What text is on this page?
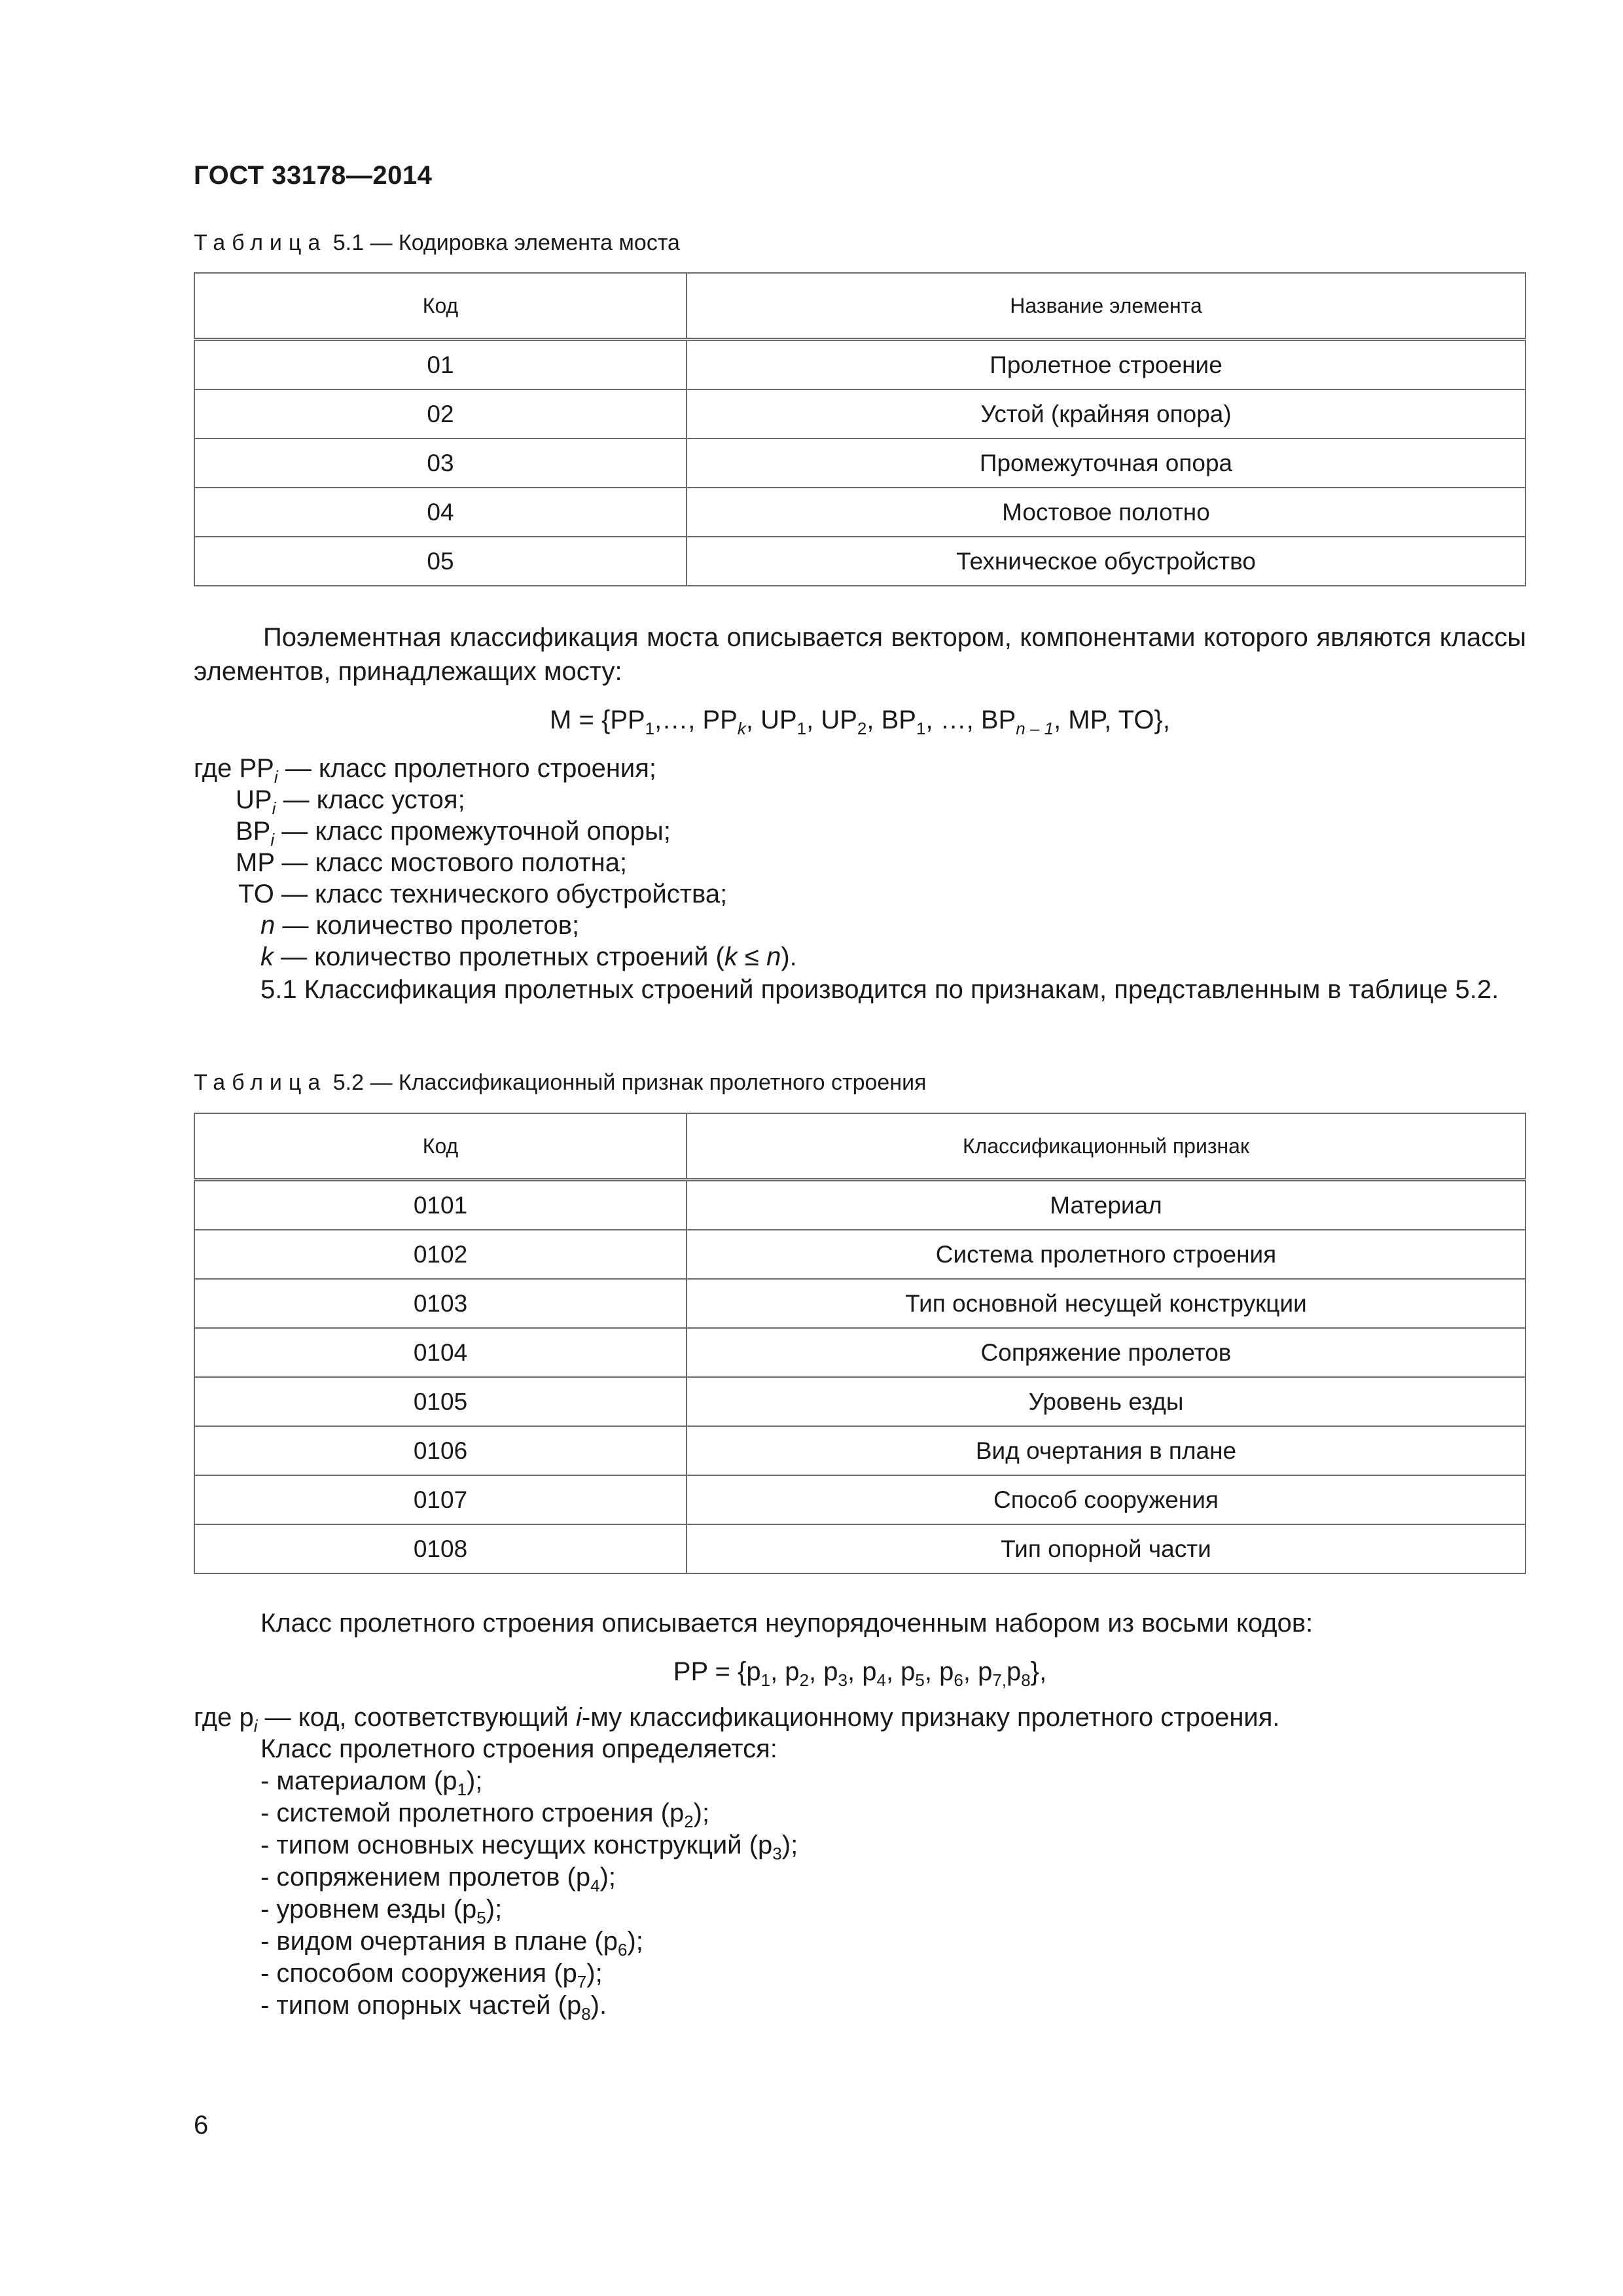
ГОСТ 33178—2014
Таблица 5.1 — Кодировка элемента моста
Код	Название элемента
01	Пролетное строение
02	Устой (крайняя опора)
03	Промежуточная опора
04	Мостовое полотно
05	Техническое обустройство

Поэлементная классификация моста описывается вектором, компонентами которого являются классы элементов, принадлежащих мосту:

$M = \{PP_1,\dots$, $PP_k$, $UP_1$, $UP_2$, $BP_1$, …, $BP_{n - 1}$, MP, TO},
где $PP_i$ — класс пролетного строения;
$UP_i$ — класс устоя;
$BP_i$ — класс промежуточной опоры;
MP — класс мостового полотна;
TO — класс технического обустройства;
n — количество пролетов;
k — количество пролетных строений (k ≤ n).

5.1 Классификация пролетных строений производится по признакам, представленным в таблице 5.2.

Таблица 5.2 — Классификационный признак пролетного строения
Код	Классификационный признак
0101	Материал
0102	Система пролетного строения
0103	Тип основной несущей конструкции
0104	Сопряжение пролетов
0105	Уровень езды
0106	Вид очертания в плане
0107	Способ сооружения
0108	Тип опорной части
Класс пролетного строения описывается неупорядоченным набором из восьми кодов:
PP = {$p_1$, $p_2$, $p_3$, $p_4$, $p_5$, $p_6$, $p_{7,}p_8$},
где $p_i$ — код, соответствующий i-му классификационному признаку пролетного строения.
Класс пролетного строения определяется:
- материалом $(p_1)$;
- системой пролетного строения $(p_2)$;
- типом основных несущих конструкций $(p_3)$;
- сопряжением пролетов $(p_4)$;
- уровнем езды $(p_5)$;
- видом очертания в плане $(p_6)$;
- способом сооружения $(p_7)$;
- типом опорных частей $(p_8)$.
6
